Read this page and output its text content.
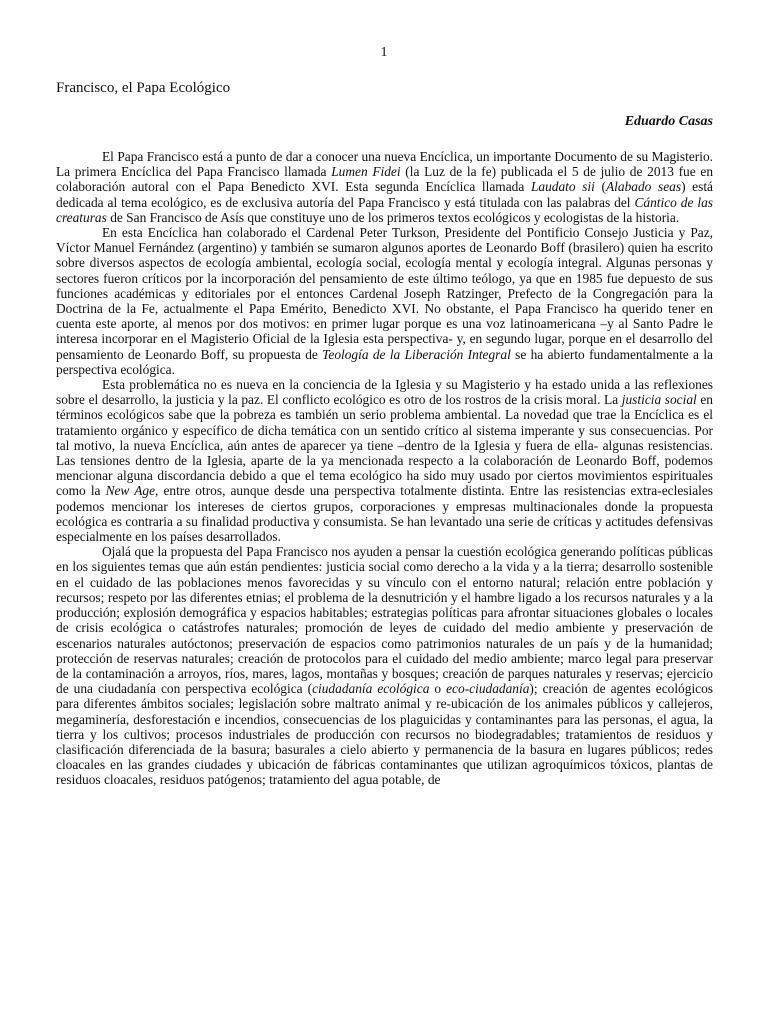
1
Francisco, el Papa Ecológico
Eduardo Casas

El Papa Francisco está a punto de dar a conocer una nueva Encíclica, un importante Documento de su Magisterio. La primera Encíclica del Papa Francisco llamada Lumen Fidei (la Luz de la fe) publicada el 5 de julio de 2013 fue en colaboración autoral con el Papa Benedicto XVI. Esta segunda Encíclica llamada Laudato sii (Alabado seas) está dedicada al tema ecológico, es de exclusiva autoría del Papa Francisco y está titulada con las palabras del Cántico de las creaturas de San Francisco de Asís que constituye uno de los primeros textos ecológicos y ecologistas de la historia.

En esta Encíclica han colaborado el Cardenal Peter Turkson, Presidente del Pontificio Consejo Justicia y Paz, Víctor Manuel Fernández (argentino) y también se sumaron algunos aportes de Leonardo Boff (brasilero) quien ha escrito sobre diversos aspectos de ecología ambiental, ecología social, ecología mental y ecología integral. Algunas personas y sectores fueron críticos por la incorporación del pensamiento de este último teólogo, ya que en 1985 fue depuesto de sus funciones académicas y editoriales por el entonces Cardenal Joseph Ratzinger, Prefecto de la Congregación para la Doctrina de la Fe, actualmente el Papa Emérito, Benedicto XVI. No obstante, el Papa Francisco ha querido tener en cuenta este aporte, al menos por dos motivos: en primer lugar porque es una voz latinoamericana –y al Santo Padre le interesa incorporar en el Magisterio Oficial de la Iglesia esta perspectiva- y, en segundo lugar, porque en el desarrollo del pensamiento de Leonardo Boff, su propuesta de Teología de la Liberación Integral se ha abierto fundamentalmente a la perspectiva ecológica.

Esta problemática no es nueva en la conciencia de la Iglesia y su Magisterio y ha estado unida a las reflexiones sobre el desarrollo, la justicia y la paz. El conflicto ecológico es otro de los rostros de la crisis moral. La justicia social en términos ecológicos sabe que la pobreza es también un serio problema ambiental. La novedad que trae la Encíclica es el tratamiento orgánico y específico de dicha temática con un sentido crítico al sistema imperante y sus consecuencias. Por tal motivo, la nueva Encíclica, aún antes de aparecer ya tiene –dentro de la Iglesia y fuera de ella- algunas resistencias. Las tensiones dentro de la Iglesia, aparte de la ya mencionada respecto a la colaboración de Leonardo Boff, podemos mencionar alguna discordancia debido a que el tema ecológico ha sido muy usado por ciertos movimientos espirituales como la New Age, entre otros, aunque desde una perspectiva totalmente distinta. Entre las resistencias extra-eclesiales podemos mencionar los intereses de ciertos grupos, corporaciones y empresas multinacionales donde la propuesta ecológica es contraria a su finalidad productiva y consumista. Se han levantado una serie de críticas y actitudes defensivas especialmente en los países desarrollados.

Ojalá que la propuesta del Papa Francisco nos ayuden a pensar la cuestión ecológica generando políticas públicas en los siguientes temas que aún están pendientes: justicia social como derecho a la vida y a la tierra; desarrollo sostenible en el cuidado de las poblaciones menos favorecidas y su vínculo con el entorno natural; relación entre población y recursos; respeto por las diferentes etnias; el problema de la desnutrición y el hambre ligado a los recursos naturales y a la producción; explosión demográfica y espacios habitables; estrategias políticas para afrontar situaciones globales o locales de crisis ecológica o catástrofes naturales; promoción de leyes de cuidado del medio ambiente y preservación de escenarios naturales autóctonos; preservación de espacios como patrimonios naturales de un país y de la humanidad; protección de reservas naturales; creación de protocolos para el cuidado del medio ambiente; marco legal para preservar de la contaminación a arroyos, ríos, mares, lagos, montañas y bosques; creación de parques naturales y reservas; ejercicio de una ciudadanía con perspectiva ecológica (ciudadanía ecológica o eco-ciudadanía); creación de agentes ecológicos para diferentes ámbitos sociales; legislación sobre maltrato animal y re-ubicación de los animales públicos y callejeros, megaminería, desforestación e incendios, consecuencias de los plaguicidas y contaminantes para las personas, el agua, la tierra y los cultivos; procesos industriales de producción con recursos no biodegradables; tratamientos de residuos y clasificación diferenciada de la basura; basurales a cielo abierto y permanencia de la basura en lugares públicos; redes cloacales en las grandes ciudades y ubicación de fábricas contaminantes que utilizan agroquímicos tóxicos, plantas de residuos cloacales, residuos patógenos; tratamiento del agua potable, de
